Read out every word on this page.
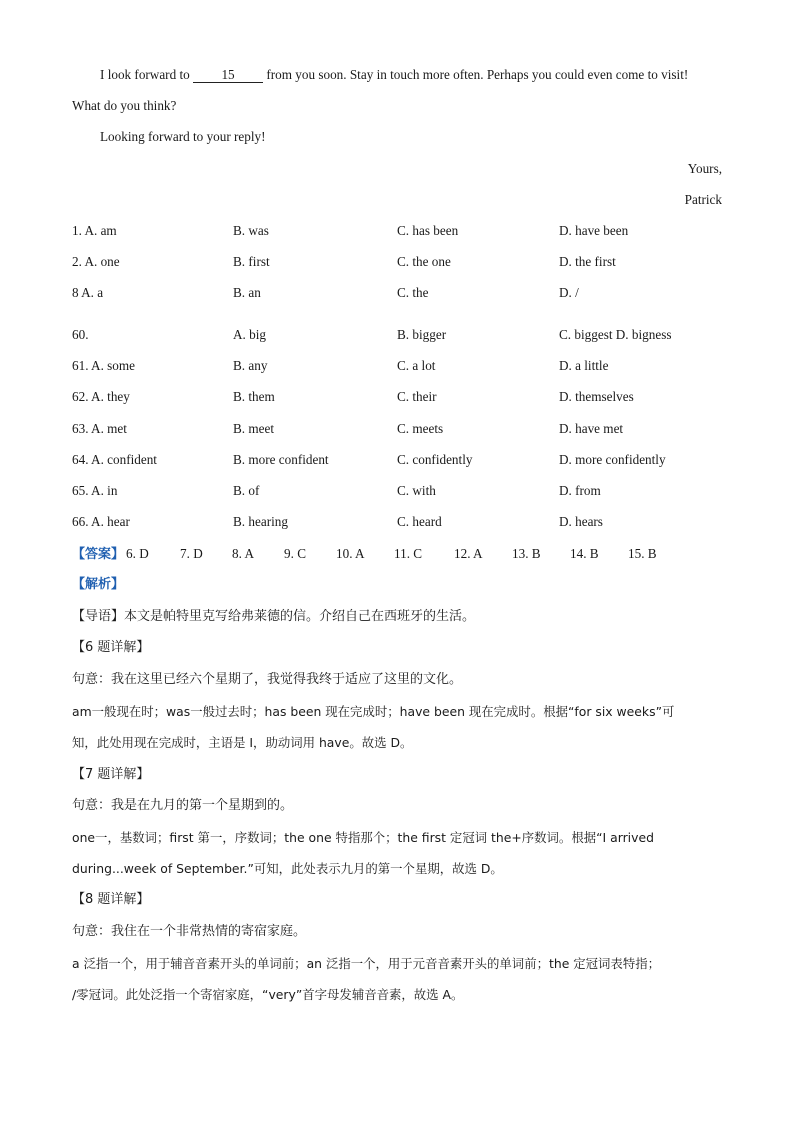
I look forward to 15 from you soon. Stay in touch more often. Perhaps you could even come to visit!
What do you think?
Looking forward to your reply!
Yours,
Patrick
1. A. am	B. was	C. has been	D. have been
2. A. one	B. first	C. the one	D. the first
8 A. a	B. an	C. the	D. /
60.	A. big	B. bigger	C. biggest D. bigness
61. A. some	B. any	C. a lot	D. a little
62. A. they	B. them	C. their	D. themselves
63. A. met	B. meet	C. meets	D. have met
64. A. confident	B. more confident	C. confidently	D. more confidently
65. A. in	B. of	C. with	D. from
66. A. hear	B. hearing	C. heard	D. hears
【答案】 6. D 7. D 8. A 9. C 10. A 11. C 12. A 13. B 14. B 15. B
【解析】
【导语】本文是帕特里克写给弗莱德的信。介绍自己在西班牙的生活。
【6 题详解】
句意：我在这里已经六个星期了，我觉得我终于适应了这里的文化。
am一般现在时；was一般过去时；has been 现在完成时；have been 现在完成时。根据“for six weeks”可
知，此处用现在完成时，主语是 I，助动词用 have。故选 D。
【7 题详解】
句意：我是在九月的第一个星期到的。
one一，基数词；first 第一，序数词；the one 特指那个；the first 定冠词 the+序数词。根据“I arrived
during...week of September.”可知，此处表示九月的第一个星期，故选 D。
【8 题详解】
句意：我住在一个非常热情的寄宿家庭。
a 泛指一个，用于辅音音素开头的单词前；an 泛指一个，用于元音音素开头的单词前；the 定冠词表特指；
/零冠词。此处泛指一个寄宿家庭，“very”首字母发辅音音素，故选 A。
